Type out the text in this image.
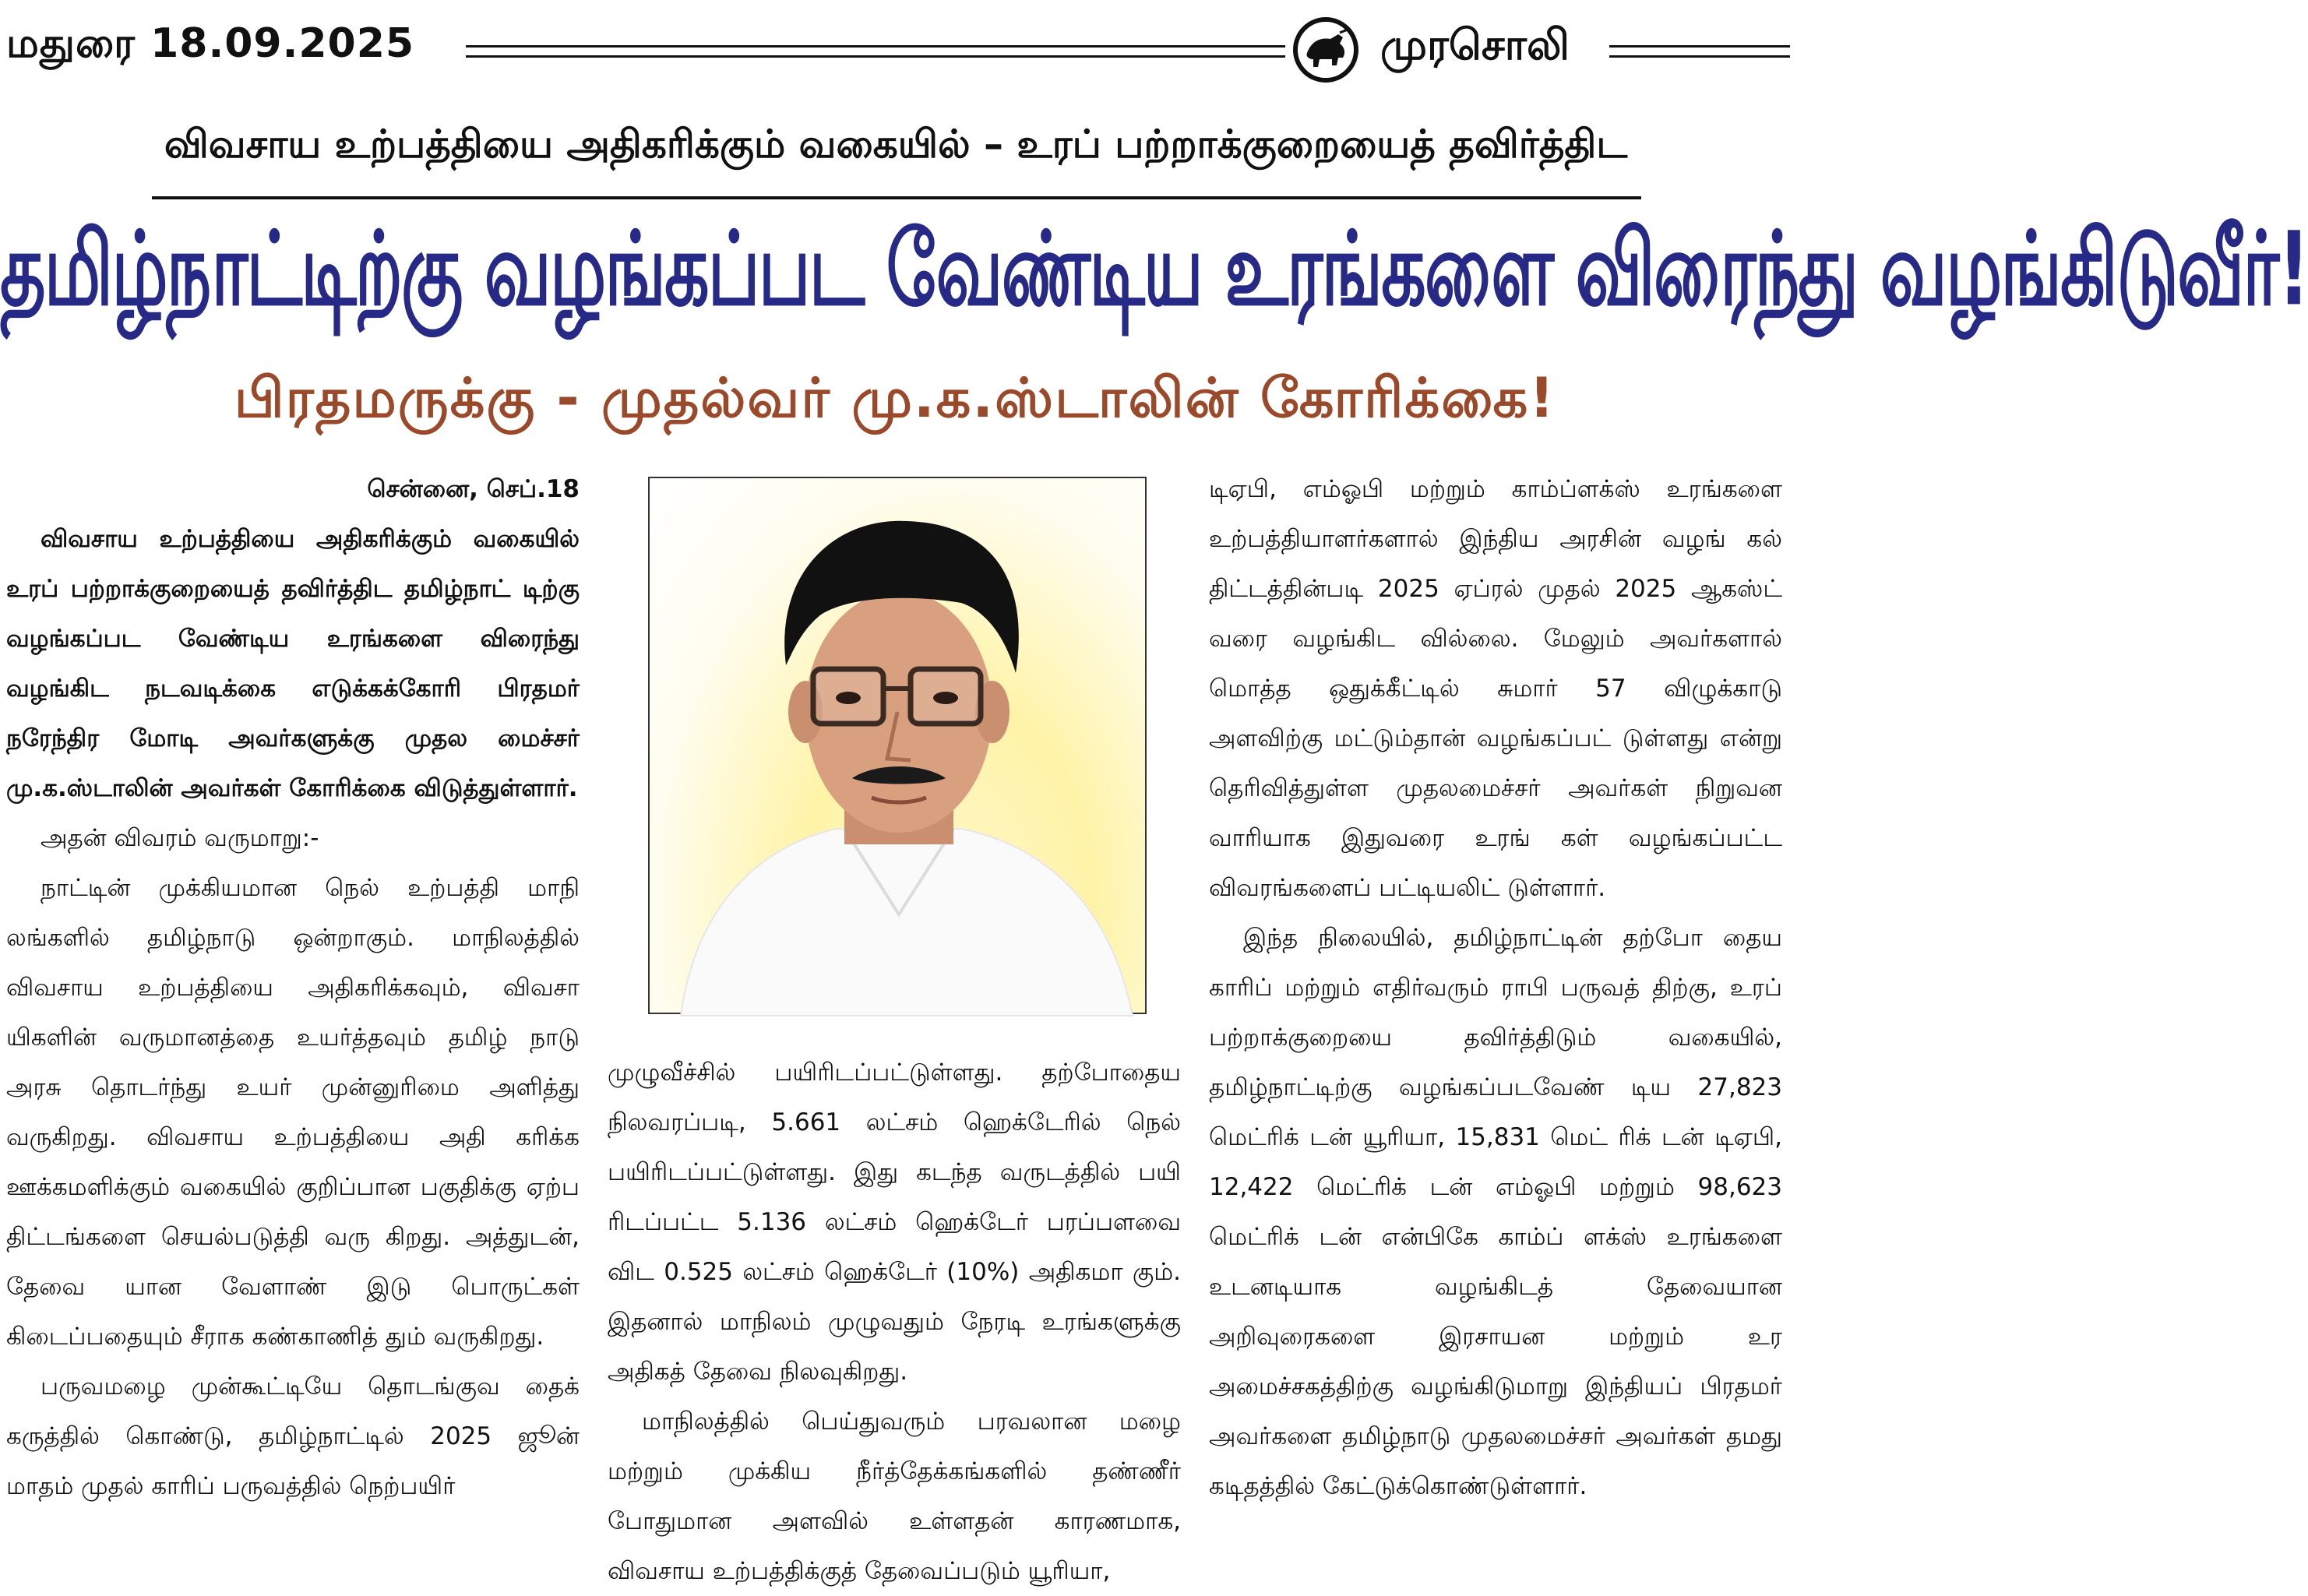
மதுரை 18.09.2025	முரசொலி
விவசாய உற்பத்தியை அதிகரிக்கும் வகையில் – உரப் பற்றாக்குறையைத் தவிர்த்திட
தமிழ்நாட்டிற்கு வழங்கப்பட வேண்டிய உரங்களை விரைந்து வழங்கிடுவீர்!
பிரதமருக்கு - முதல்வர் மு.க.ஸ்டாலின் கோரிக்கை!

சென்னை, செப்.18

விவசாய உற்பத்தியை அதிகரிக்கும் வகையில் உரப் பற்றாக்குறையைத் தவிர்த்திட தமிழ்நாட் டிற்கு வழங்கப்பட வேண்டிய உரங்களை விரைந்து வழங்கிட நடவடிக்கை எடுக்கக்கோரி பிரதமர் நரேந்திர மோடி அவர்களுக்கு முதல மைச்சர் மு.க.ஸ்டாலின் அவர்கள் கோரிக்கை விடுத்துள்ளார்.

அதன் விவரம் வருமாறு:-

நாட்டின் முக்கியமான நெல் உற்பத்தி மாநி லங்களில் தமிழ்நாடு ஒன்றாகும். மாநிலத்தில் விவசாய உற்பத்தியை அதிகரிக்கவும், விவசா யிகளின் வருமானத்தை உயர்த்தவும் தமிழ் நாடு அரசு தொடர்ந்து உயர் முன்னுரிமை அளித்து வருகிறது. விவசாய உற்பத்தியை அதி கரிக்க ஊக்கமளிக்கும் வகையில் குறிப்பான பகுதிக்கு ஏற்ப திட்டங்களை செயல்படுத்தி வரு கிறது. அத்துடன், தேவை யான வேளாண் இடு பொருட்கள் கிடைப்பதையும் சீராக கண்காணித் தும் வருகிறது.

பருவமழை முன்கூட்டியே தொடங்குவ தைக் கருத்தில் கொண்டு, தமிழ்நாட்டில் 2025 ஜூன் மாதம் முதல் காரிப் பருவத்தில் நெற்பயிர்

முழுவீச்சில் பயிரிடப்பட்டுள்ளது. தற்போதைய நிலவரப்படி, 5.661 லட்சம் ஹெக்டேரில் நெல் பயிரிடப்பட்டுள்ளது. இது கடந்த வருடத்தில் பயி ரிடப்பட்ட 5.136 லட்சம் ஹெக்டேர் பரப்பளவை விட 0.525 லட்சம் ஹெக்டேர் (10%) அதிகமா கும். இதனால் மாநிலம் முழுவதும் நேரடி உரங்களுக்கு அதிகத் தேவை நிலவுகிறது.

மாநிலத்தில் பெய்துவரும் பரவலான மழை மற்றும் முக்கிய நீர்த்தேக்கங்களில் தண்ணீர் போதுமான அளவில் உள்ளதன் காரணமாக, விவசாய உற்பத்திக்குத் தேவைப்படும் யூரியா,

டிஏபி, எம்ஓபி மற்றும் காம்ப்ளக்ஸ் உரங்களை உற்பத்தியாளர்களால் இந்திய அரசின் வழங் கல் திட்டத்தின்படி 2025 ஏப்ரல் முதல் 2025 ஆகஸ்ட் வரை வழங்கிட வில்லை. மேலும் அவர்களால் மொத்த ஒதுக்கீட்டில் சுமார் 57 விழுக்காடு அளவிற்கு மட்டும்தான் வழங்கப்பட் டுள்ளது என்று தெரிவித்துள்ள முதலமைச்சர் அவர்கள் நிறுவன வாரியாக இதுவரை உரங் கள் வழங்கப்பட்ட விவரங்களைப் பட்டியலிட் டுள்ளார்.

இந்த நிலையில், தமிழ்நாட்டின் தற்போ தைய காரிப் மற்றும் எதிர்வரும் ராபி பருவத் திற்கு, உரப் பற்றாக்குறையை தவிர்த்திடும் வகையில், தமிழ்நாட்டிற்கு வழங்கப்படவேண் டிய 27,823 மெட்ரிக் டன் யூரியா, 15,831 மெட் ரிக் டன் டிஏபி, 12,422 மெட்ரிக் டன் எம்ஓபி மற்றும் 98,623 மெட்ரிக் டன் என்பிகே காம்ப் ளக்ஸ் உரங்களை உடனடியாக வழங்கிடத் தேவையான அறிவுரைகளை இரசாயன மற்றும் உர அமைச்சகத்திற்கு வழங்கிடுமாறு இந்தியப் பிரதமர் அவர்களை தமிழ்நாடு முதலமைச்சர் அவர்கள் தமது கடிதத்தில் கேட்டுக்கொண்டுள்ளார்.
